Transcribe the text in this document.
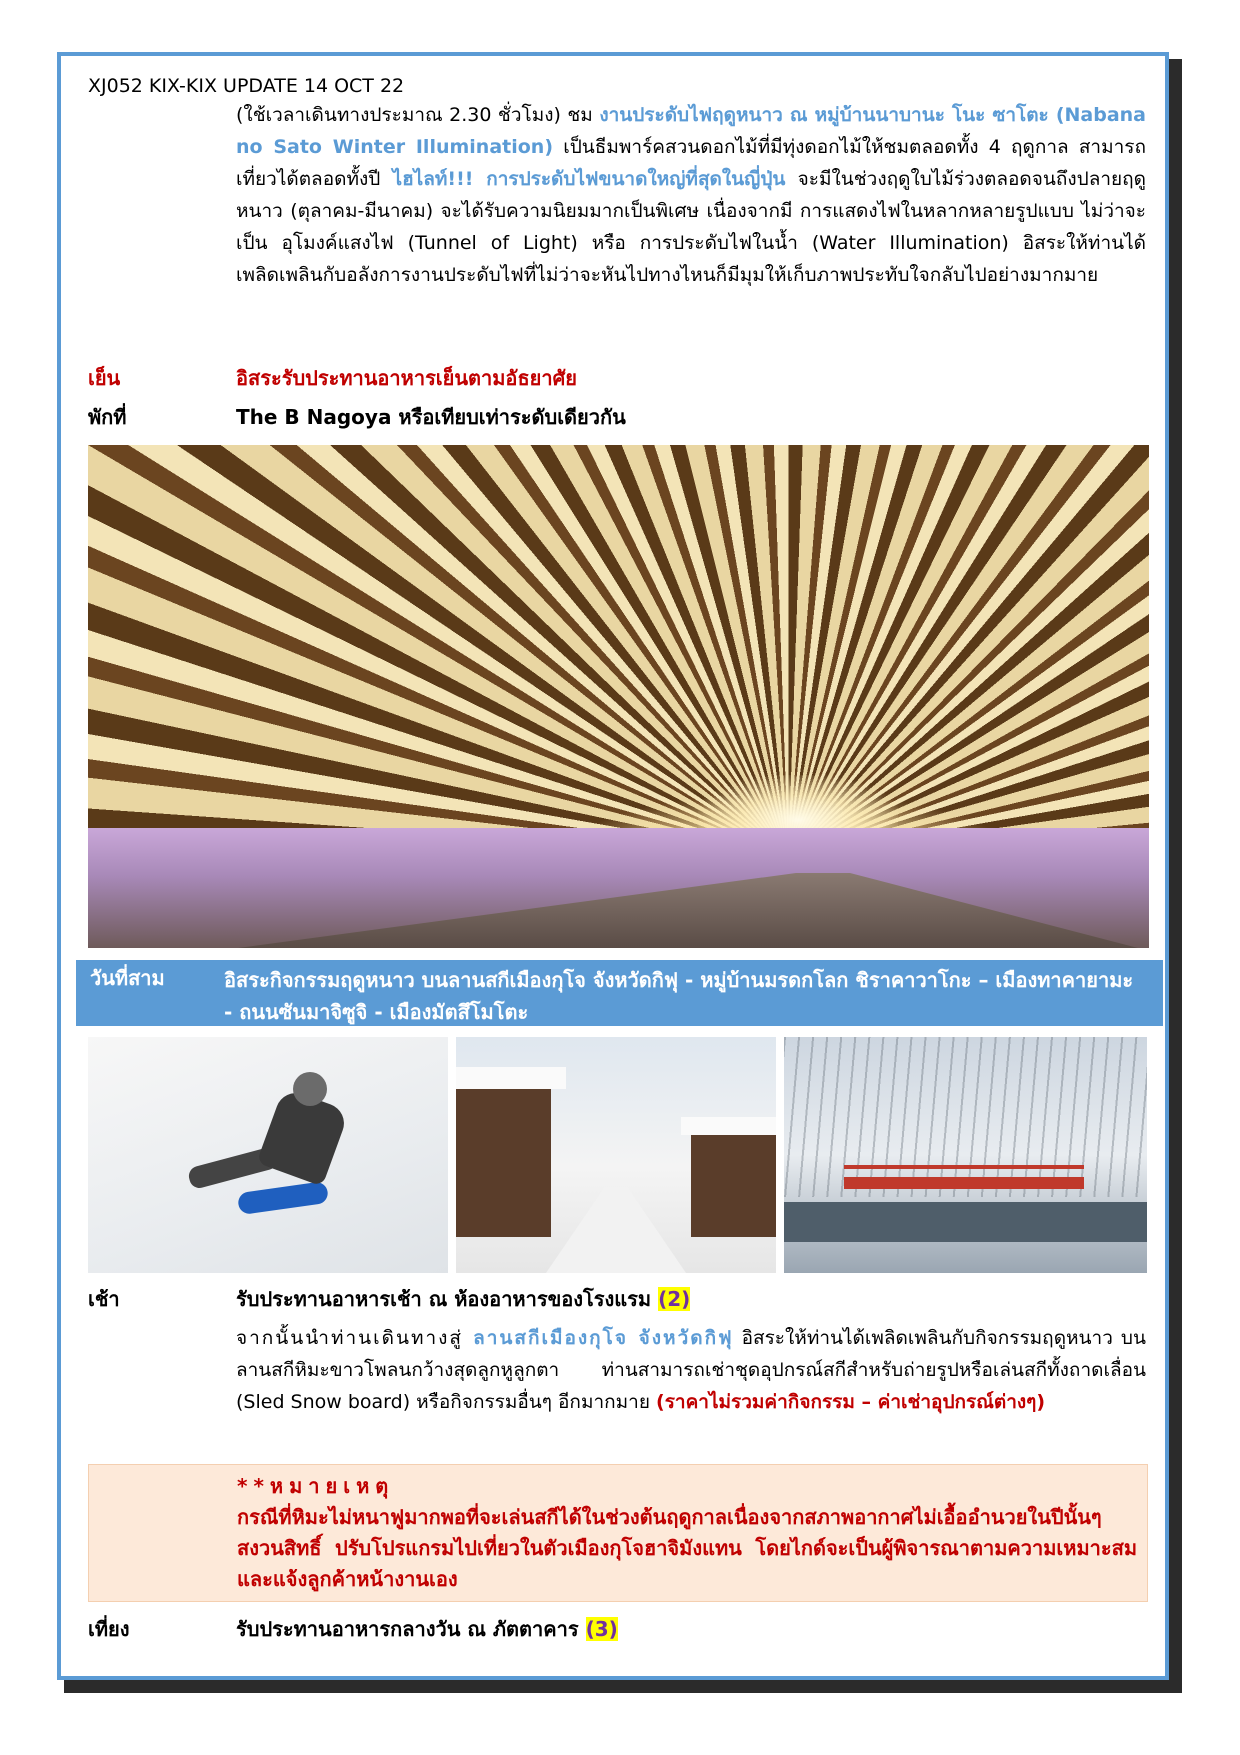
XJ052 KIX-KIX UPDATE 14 OCT 22
(ใช้เวลาเดินทางประมาณ 2.30 ชั่วโมง) ชม งานประดับไฟฤดูหนาว ณ หมู่บ้านนาบานะ โนะ ซาโตะ (Nabana no Sato Winter Illumination) เป็นธีมพาร์คสวนดอกไม้ที่มีทุ่งดอกไม้ให้ชมตลอดทั้ง 4 ฤดูกาล สามารถเที่ยวได้ตลอดทั้งปี ไฮไลท์!!! การประดับไฟขนาดใหญ่ที่สุดในญี่ปุ่น จะมีในช่วงฤดูใบไม้ร่วงตลอดจนถึงปลายฤดูหนาว (ตุลาคม-มีนาคม) จะได้รับความนิยมมากเป็นพิเศษ เนื่องจากมี การแสดงไฟในหลากหลายรูปแบบ ไม่ว่าจะเป็น อุโมงค์แสงไฟ (Tunnel of Light) หรือ การประดับไฟในน้ำ (Water Illumination) อิสระให้ท่านได้เพลิดเพลินกับอลังการงานประดับไฟที่ไม่ว่าจะหันไปทางไหนก็มีมุมให้เก็บภาพประทับใจกลับไปอย่างมากมาย
เย็น	อิสระรับประทานอาหารเย็นตามอัธยาศัย
พักที่	The B Nagoya หรือเทียบเท่าระดับเดียวกัน
วันที่สาม	อิสระกิจกรรมฤดูหนาว บนลานสกีเมืองกุโจ จังหวัดกิฟุ - หมู่บ้านมรดกโลก ชิราคาวาโกะ – เมืองทาคายามะ - ถนนซันมาจิซูจิ - เมืองมัตสึโมโตะ
เช้า	รับประทานอาหารเช้า ณ ห้องอาหารของโรงแรม (2)
จากนั้นนำท่านเดินทางสู่ ลานสกีเมืองกุโจ จังหวัดกิฟุ อิสระให้ท่านได้เพลิดเพลินกับกิจกรรมฤดูหนาว บนลานสกีหิมะขาวโพลนกว้างสุดลูกหูลูกตา ท่านสามารถเช่าชุดอุปกรณ์สกีสำหรับถ่ายรูปหรือเล่นสกีทั้งถาดเลื่อน (Sled Snow board) หรือกิจกรรมอื่นๆ อีกมากมาย (ราคาไม่รวมค่ากิจกรรม – ค่าเช่าอุปกรณ์ต่างๆ)
**หมายเหตุ
กรณีที่หิมะไม่หนาฟูมากพอที่จะเล่นสกีได้ในช่วงต้นฤดูกาลเนื่องจากสภาพอากาศไม่เอื้ออำนวยในปีนั้นๆ สงวนสิทธิ์ ปรับโปรแกรมไปเที่ยวในตัวเมืองกุโจฮาจิมังแทน โดยไกด์จะเป็นผู้พิจารณาตามความเหมาะสมและแจ้งลูกค้าหน้างานเอง
เที่ยง	รับประทานอาหารกลางวัน ณ ภัตตาคาร (3)
